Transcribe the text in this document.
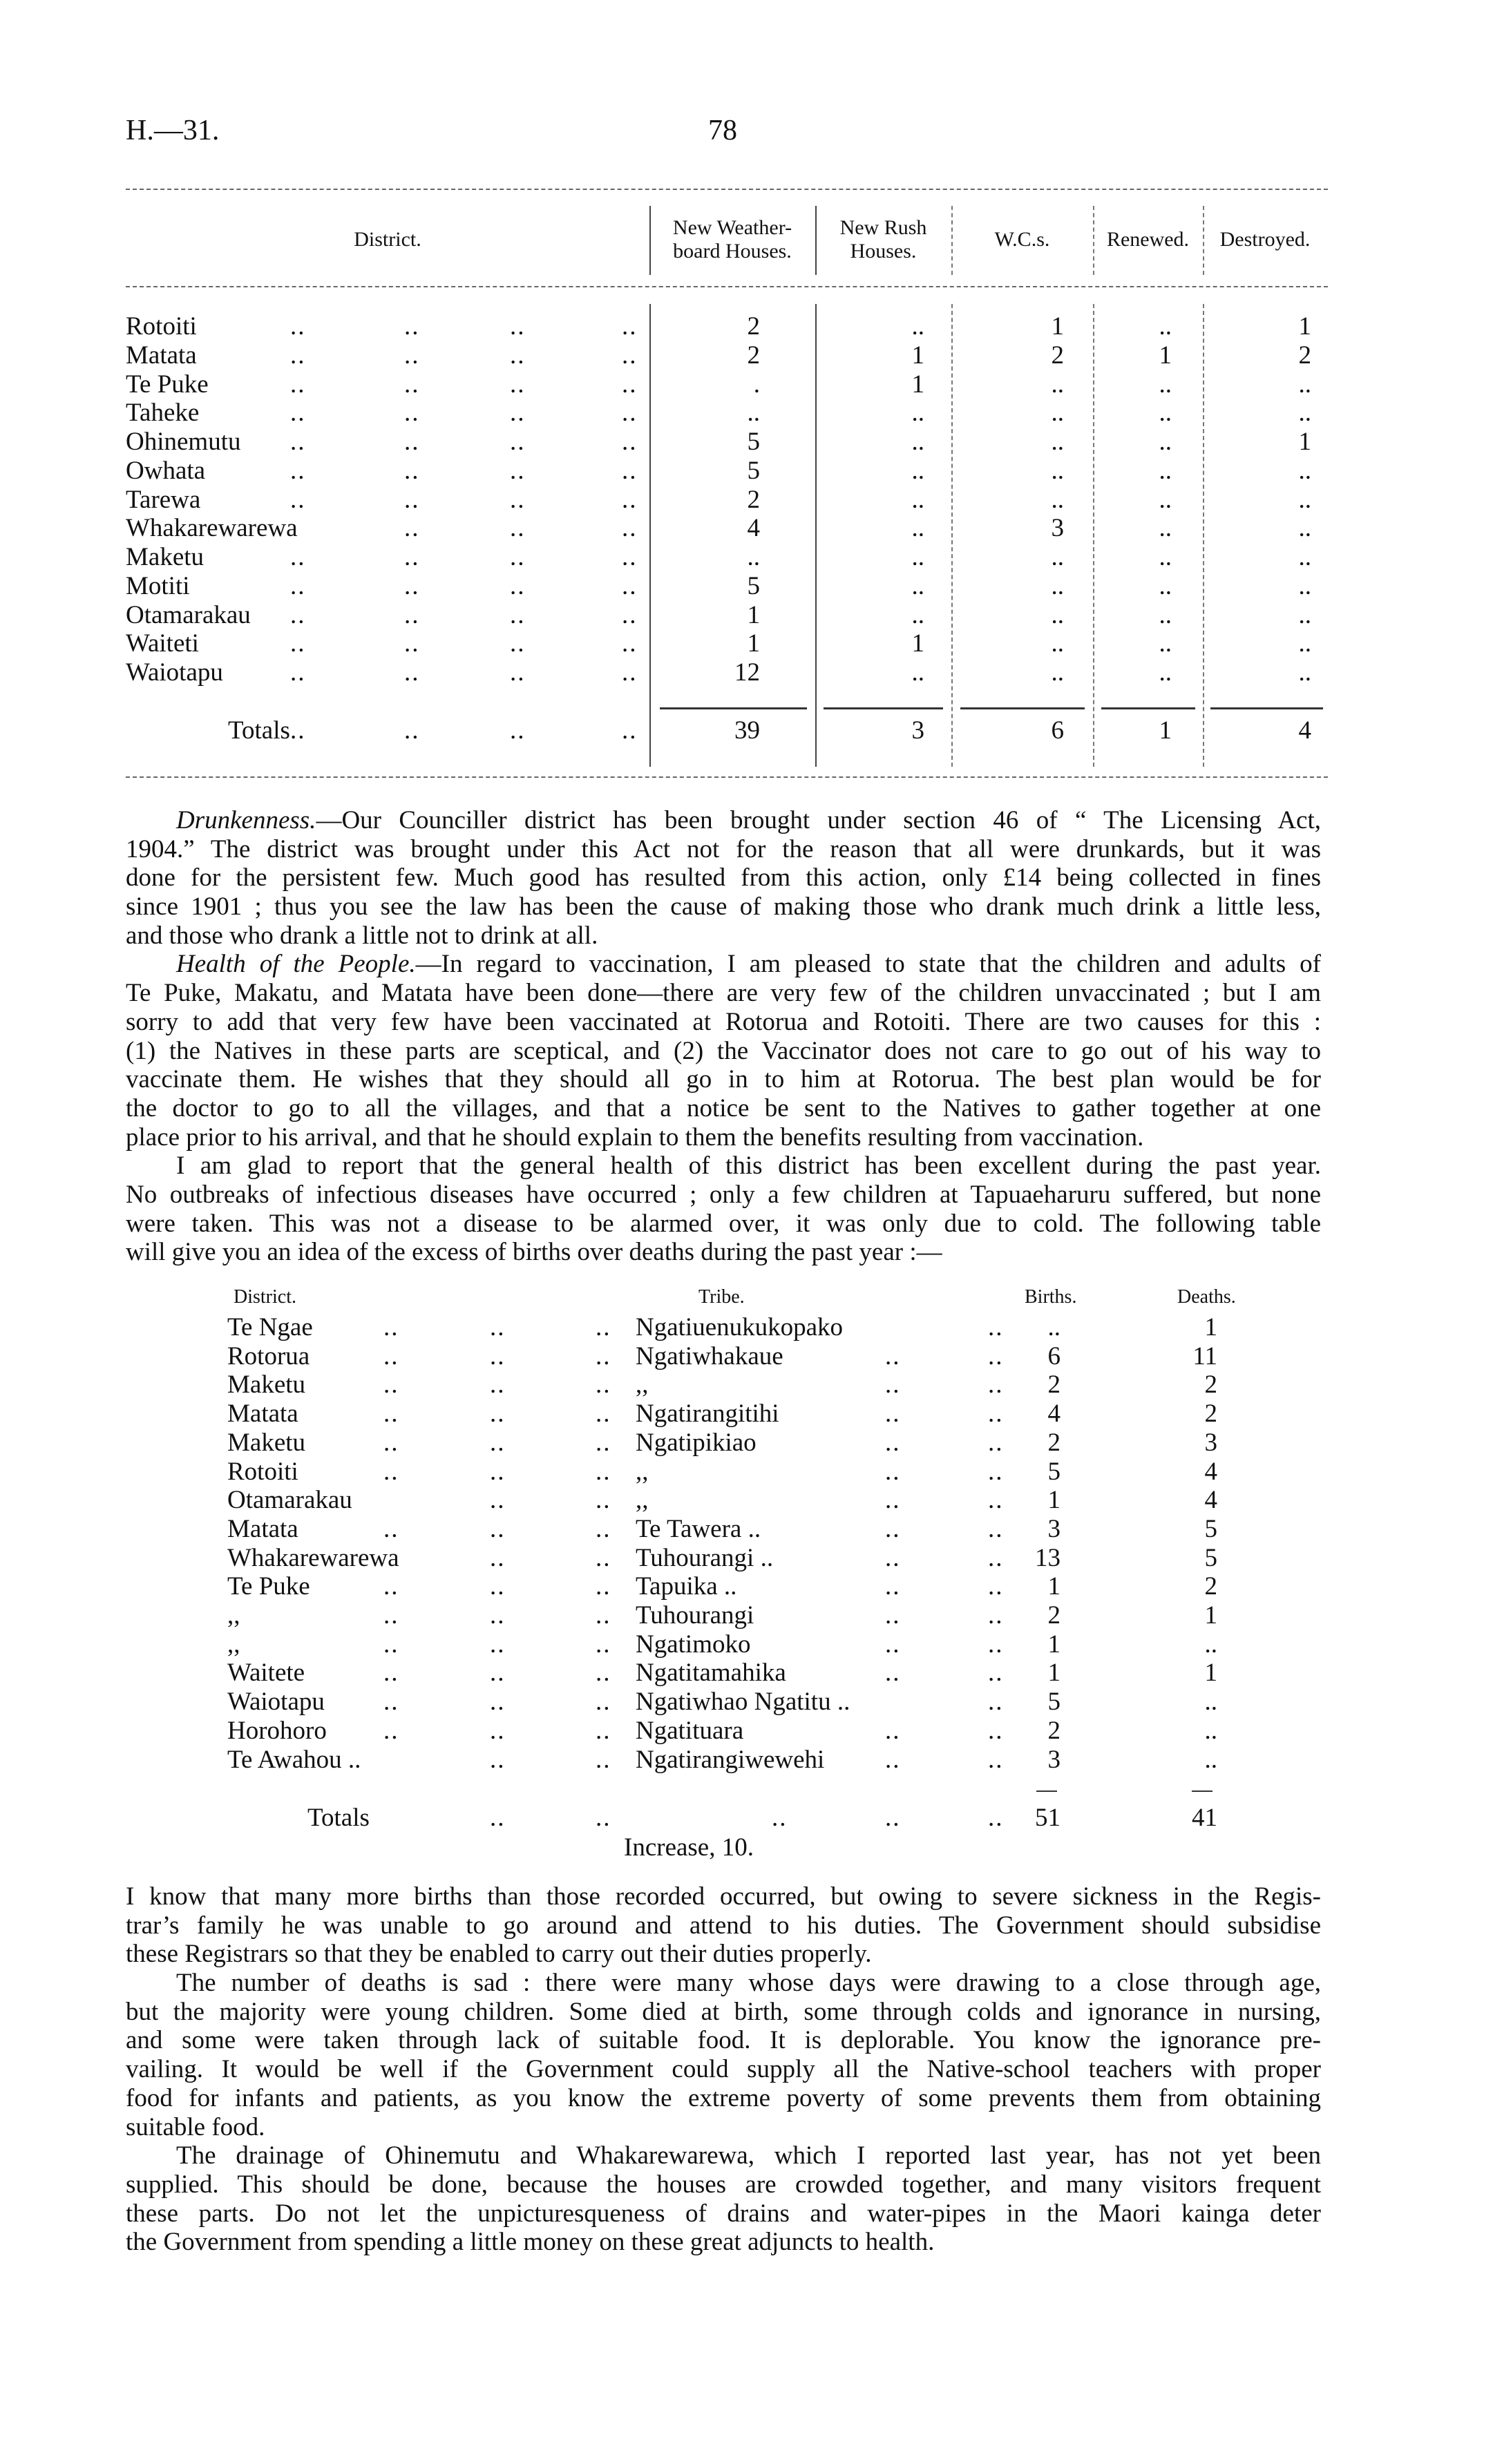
H.—31.	78
District.
New Weather-
board Houses.
New Rush
Houses.
W.C.s.	Renewed.	Destroyed.
Rotoiti	..	..	..	..	2	..	1	..	1
Matata	..	..	..	..	2	1	2	1	2
Te Puke	..	..	..	..	.	1	..	..	..
Taheke	..	..	..	..	..	..	..	..	..
Ohinemutu ..	..	..	..	5	..	..	..	1
Owhata	..	..	..	..	5	..	..	..	..
Tarewa	..	..	..	..	2	..	..	..	..
Whakarewarewa	..	..	..	4	..	3	..	..
Maketu	..	..	..	..	..	..	..	..	..
Motiti	..	..	..	..	5	..	..	..	..
Otamarakau ..	..	..	..	1	..	..	..	..
Waiteti	..	..	..	..	1	1	..	..	..
Waiotapu	..	..	..	..	12	..	..	..	..
Totals ..	..	..	..	39	3	6	1	4
Drunkenness.—Our Counciller district has been brought under section 46 of “ The Licensing Act,
1904.” The district was brought under this Act not for the reason that all were drunkards, but it was
done for the persistent few. Much good has resulted from this action, only £14 being collected in fines
since 1901 ; thus you see the law has been the cause of making those who drank much drink a little less,
and those who drank a little not to drink at all.
Health of the People.—In regard to vaccination, I am pleased to state that the children and adults of
Te Puke, Makatu, and Matata have been done—there are very few of the children unvaccinated ; but I am
sorry to add that very few have been vaccinated at Rotorua and Rotoiti. There are two causes for this :
(1) the Natives in these parts are sceptical, and (2) the Vaccinator does not care to go out of his way to
vaccinate them. He wishes that they should all go in to him at Rotorua. The best plan would be for
the doctor to go to all the villages, and that a notice be sent to the Natives to gather together at one
place prior to his arrival, and that he should explain to them the benefits resulting from vaccination.
I am glad to report that the general health of this district has been excellent during the past year.
No outbreaks of infectious diseases have occurred ; only a few children at Tapuaeharuru suffered, but none
were taken. This was not a disease to be alarmed over, it was only due to cold. The following table
will give you an idea of the excess of births over deaths during the past year :—
District.	Tribe.	Births.	Deaths.
Te Ngae	..	..	.. Ngatiuenukukopako	..	..	1
Rotorua	..	..	.. Ngatiwhakaue	..	..	6	11
Maketu	..	..	.. ,,	..	..	2	2
Matata	..	..	.. Ngatirangitihi	..	..	4	2
Maketu	..	..	.. Ngatipikiao	..	..	2	3
Rotoiti	..	..	.. ,,	..	..	5	4
Otamarakau	..	.. ,,	..	..	1	4
Matata	..	..	.. Te Tawera ..	..	..	3	5
Whakarewarewa	..	.. Tuhourangi ..	..	..	13	5
Te Puke	..	..	.. Tapuika ..	..	..	1	2
,,	..	..	.. Tuhourangi	..	..	2	1
,,	..	..	.. Ngatimoko	..	..	1	..
Waitete	..	..	.. Ngatitamahika	..	..	1	1
Waiotapu ..	..	.. Ngatiwhao Ngatitu ..	..	5	..
Horohoro ..	..	.. Ngatituara	..	..	2	..
Te Awahou ..	..	.. Ngatirangiwewehi ..	..	3	..
Totals	..	..	..	..	..	51	41
Increase, 10.
I know that many more births than those recorded occurred, but owing to severe sickness in the Regis-
trar’s family he was unable to go around and attend to his duties. The Government should subsidise
these Registrars so that they be enabled to carry out their duties properly.
The number of deaths is sad : there were many whose days were drawing to a close through age,
but the majority were young children. Some died at birth, some through colds and ignorance in nursing,
and some were taken through lack of suitable food. It is deplorable. You know the ignorance pre-
vailing. It would be well if the Government could supply all the Native-school teachers with proper
food for infants and patients, as you know the extreme poverty of some prevents them from obtaining
suitable food.
The drainage of Ohinemutu and Whakarewarewa, which I reported last year, has not yet been
supplied. This should be done, because the houses are crowded together, and many visitors frequent
these parts. Do not let the unpicturesqueness of drains and water-pipes in the Maori kainga deter
the Government from spending a little money on these great adjuncts to health.
